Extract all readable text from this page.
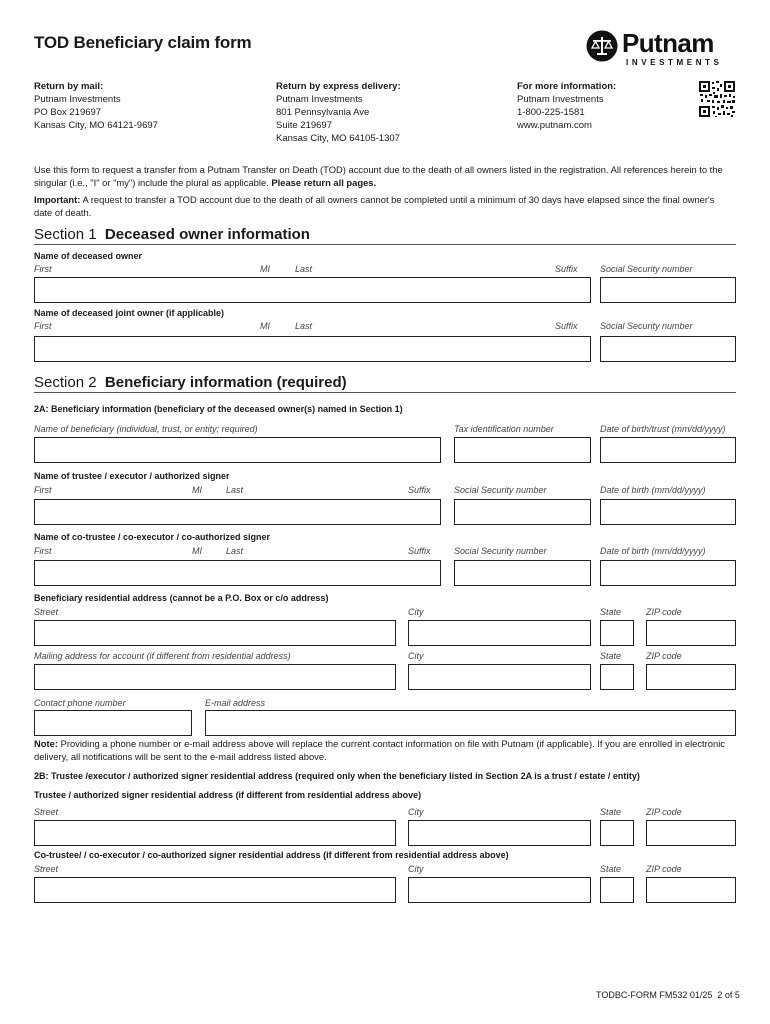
TOD Beneficiary claim form	Putnam
INVESTMENTS
Return by mail:
Putnam Investments
PO Box 219697
Kansas City, MO 64121-9697
Return by express delivery:
Putnam Investments
801 Pennsylvania Ave
Suite 219697
Kansas City, MO 64105-1307
For more information:
Putnam Investments
1-800-225-1581
www.putnam.com
Use this form to request a transfer from a Putnam Transfer on Death (TOD) account due to the death of all owners listed in the registration. All references herein to the singular (i.e., "I" or "my") include the plural as applicable. Please return all pages.
Important: A request to transfer a TOD account due to the death of all owners cannot be completed until a minimum of 30 days have elapsed since the final owner's date of death.
Section 1 Deceased owner information
Name of deceased owner
First	MI	Last	Suffix Social Security number
Name of deceased joint owner (if applicable)
First	MI	Last	Suffix Social Security number
Section 2 Beneficiary information (required)
2A: Beneficiary information (beneficiary of the deceased owner(s) named in Section 1)
Name of beneficiary (individual, trust, or entity; required)	Tax identification number	Date of birth/trust (mm/dd/yyyy)
Name of trustee / executor / authorized signer
First	MI	Last	Suffix	Social Security number	Date of birth (mm/dd/yyyy)
Name of co-trustee / co-executor / co-authorized signer
First	MI	Last	Suffix	Social Security number	Date of birth (mm/dd/yyyy)
Beneficiary residential address (cannot be a P.O. Box or c/o address)
Street	City	State	ZIP code
Mailing address for account (if different from residential address)	City	State	ZIP code
Contact phone number	E-mail address
Note: Providing a phone number or e-mail address above will replace the current contact information on file with Putnam (if applicable). If you are enrolled in electronic delivery, all notifications will be sent to the e-mail address listed above.
2B: Trustee /executor / authorized signer residential address (required only when the beneficiary listed in Section 2A is a trust / estate / entity)
Trustee / authorized signer residential address (if different from residential address above)
Street	City	State	ZIP code
Co-trustee/ / co-executor / co-authorized signer residential address (if different from residential address above)
Street	City	State	ZIP code
TODBC-FORM FM532 01/25 2 of 5
